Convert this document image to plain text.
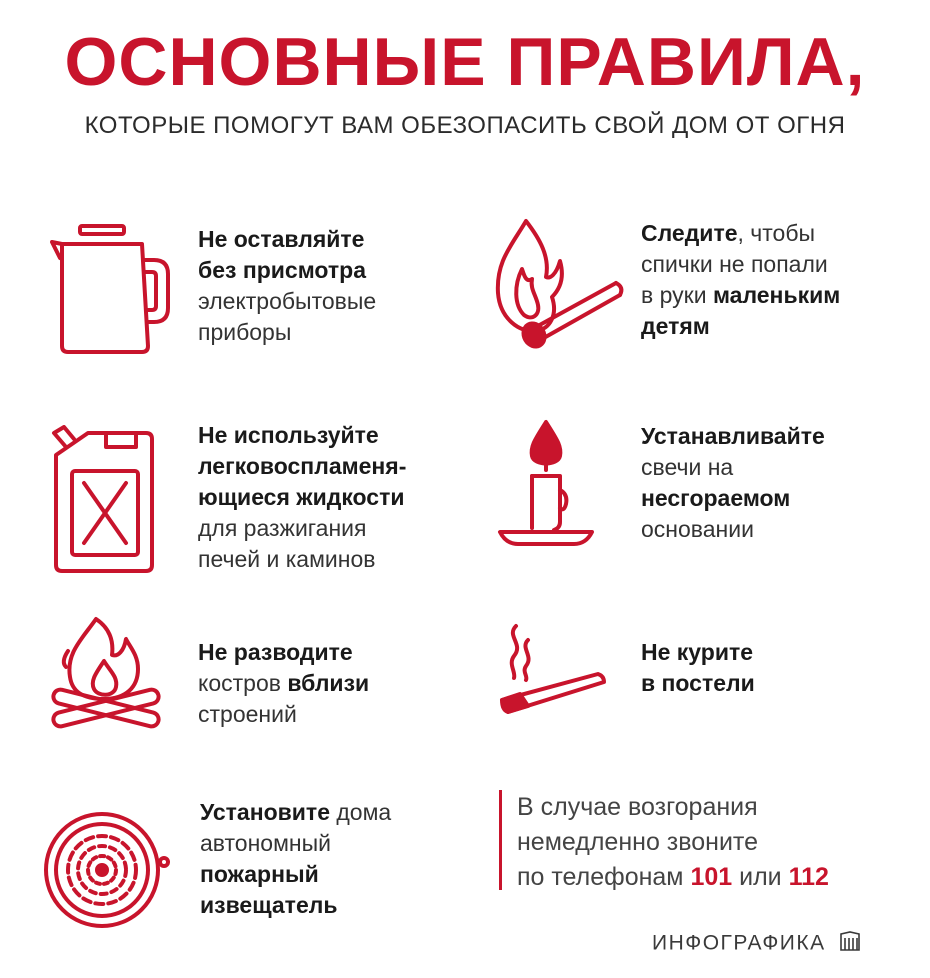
ОСНОВНЫЕ ПРАВИЛА,
КОТОРЫЕ ПОМОГУТ ВАМ ОБЕЗОПАСИТЬ СВОЙ ДОМ ОТ ОГНЯ
Не оставляйте
без присмотра
электробытовые
приборы
Следите, чтобы
спички не попали
в руки маленьким
детям
Не используйте
легковоспламеня-
ющиеся жидкости
для разжигания
печей и каминов
Устанавливайте
свечи на
несгораемом
основании
Не разводите
костров вблизи
строений
Не курите
в постели
Установите дома
автономный
пожарный
извещатель
В случае возгорания
немедленно звоните
по телефонам 101 или 112
ИНФОГРАФИКА
